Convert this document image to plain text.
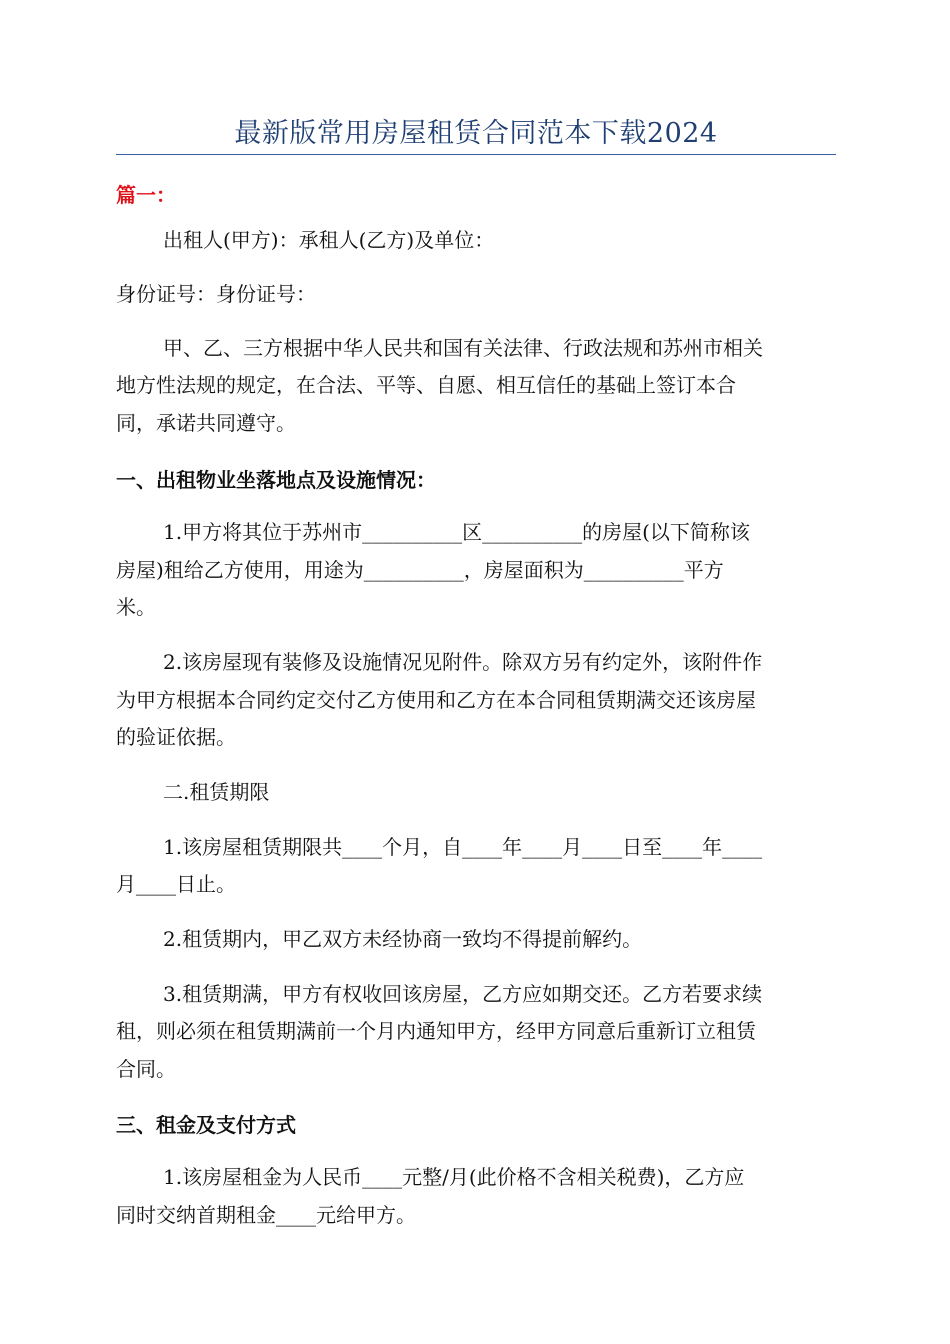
最新版常用房屋租赁合同范本下载2024
篇一：
出租人(甲方)：承租人(乙方)及单位：
身份证号：身份证号：
甲、乙、三方根据中华人民共和国有关法律、行政法规和苏州市相关
地方性法规的规定，在合法、平等、自愿、相互信任的基础上签订本合
同，承诺共同遵守。
一、出租物业坐落地点及设施情况：
1.甲方将其位于苏州市__________区__________的房屋(以下简称该
房屋)租给乙方使用，用途为__________，房屋面积为__________平方
米。
2.该房屋现有装修及设施情况见附件。除双方另有约定外，该附件作
为甲方根据本合同约定交付乙方使用和乙方在本合同租赁期满交还该房屋
的验证依据。
二.租赁期限
1.该房屋租赁期限共____个月，自____年____月____日至____年____
月____日止。
2.租赁期内，甲乙双方未经协商一致均不得提前解约。
3.租赁期满，甲方有权收回该房屋，乙方应如期交还。乙方若要求续
租，则必须在租赁期满前一个月内通知甲方，经甲方同意后重新订立租赁
合同。
三、租金及支付方式
1.该房屋租金为人民币____元整/月(此价格不含相关税费)，乙方应
同时交纳首期租金____元给甲方。
